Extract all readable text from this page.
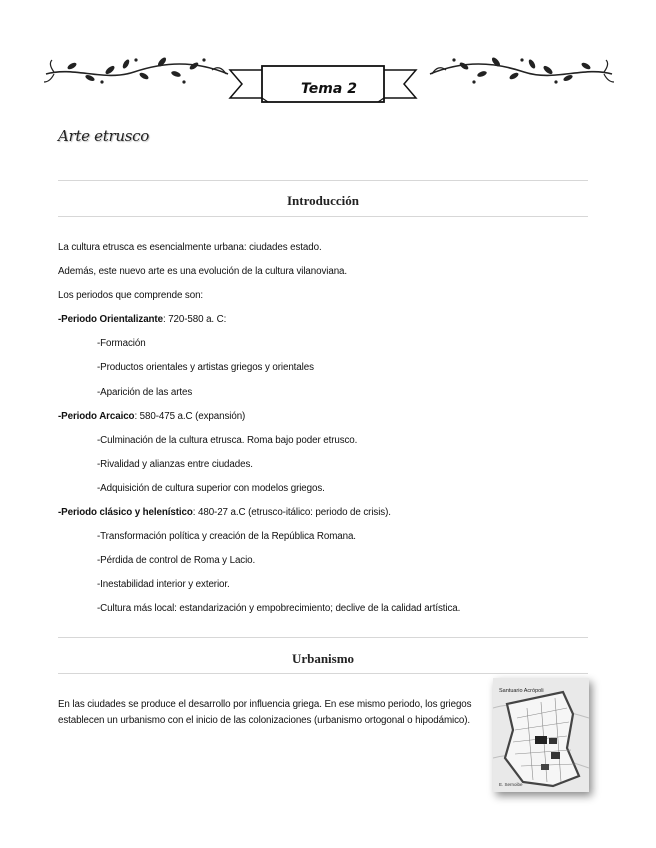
Tema 2
Arte etrusco
Introducción
La cultura etrusca es esencialmente urbana: ciudades estado.
Además, este nuevo arte es una evolución de la cultura vilanoviana.
Los periodos que comprende son:
-Periodo Orientalizante: 720-580 a. C:
-Formación
-Productos orientales y artistas griegos y orientales
-Aparición de las artes
-Periodo Arcaico: 580-475 a.C (expansión)
-Culminación de la cultura etrusca. Roma bajo poder etrusco.
-Rivalidad y alianzas entre ciudades.
-Adquisición de cultura superior con modelos griegos.
-Periodo clásico y helenístico: 480-27 a.C (etrusco-itálico: periodo de crisis).
-Transformación política y creación de la República Romana.
-Pérdida de control de Roma y Lacio.
-Inestabilidad interior y exterior.
-Cultura más local: estandarización y empobrecimiento; declive de la calidad artística.
Urbanismo
En las ciudades se produce el desarrollo por influencia griega. En ese mismo periodo, los griegos establecen un urbanismo con el inicio de las colonizaciones (urbanismo ortogonal o hipodámico).
Santuario Acrópoli
E. Sernoibe
